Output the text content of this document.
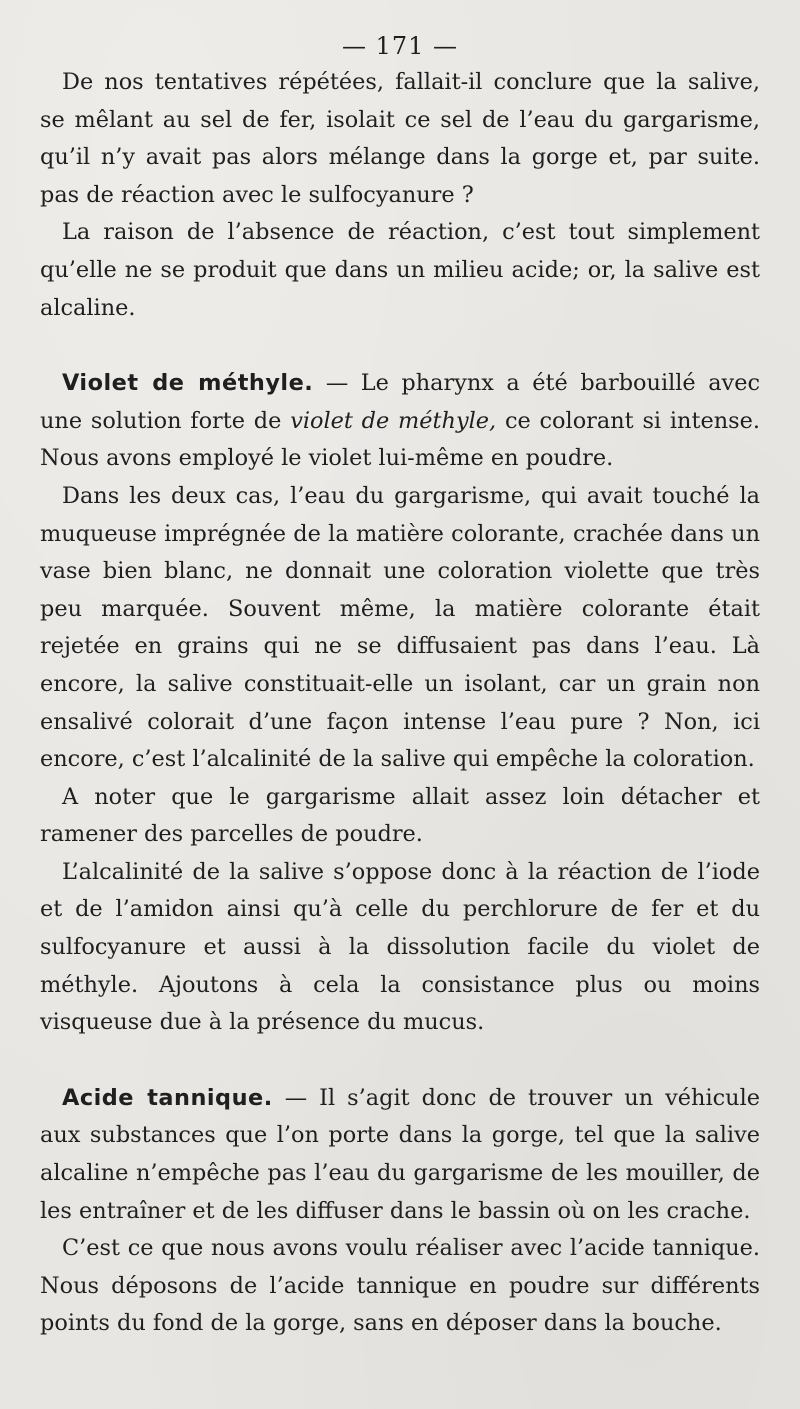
— 171 —

De nos tentatives répétées, fallait-il conclure que la salive, se mêlant au sel de fer, isolait ce sel de l’eau du gargarisme, qu’il n’y avait pas alors mélange dans la gorge et, par suite. pas de réaction avec le sulfocyanure ?

La raison de l’absence de réaction, c’est tout simplement qu’elle ne se produit que dans un milieu acide; or, la salive est alcaline.

Violet de méthyle. — Le pharynx a été barbouillé avec une solution forte de violet de méthyle, ce colorant si intense. Nous avons employé le violet lui-même en poudre.

Dans les deux cas, l’eau du gargarisme, qui avait touché la muqueuse imprégnée de la matière colorante, crachée dans un vase bien blanc, ne donnait une coloration violette que très peu marquée. Souvent même, la matière colorante était rejetée en grains qui ne se diffusaient pas dans l’eau. Là encore, la salive constituait-elle un isolant, car un grain non ensalivé colorait d’une façon intense l’eau pure ? Non, ici encore, c’est l’alcalinité de la salive qui empêche la coloration.

A noter que le gargarisme allait assez loin détacher et ramener des parcelles de poudre.

L’alcalinité de la salive s’oppose donc à la réaction de l’iode et de l’amidon ainsi qu’à celle du perchlorure de fer et du sulfocyanure et aussi à la dissolution facile du violet de méthyle. Ajoutons à cela la consistance plus ou moins visqueuse due à la présence du mucus.

Acide tannique. — Il s’agit donc de trouver un véhicule aux substances que l’on porte dans la gorge, tel que la salive alcaline n’empêche pas l’eau du gargarisme de les mouiller, de les entraîner et de les diffuser dans le bassin où on les crache.

C’est ce que nous avons voulu réaliser avec l’acide tannique. Nous déposons de l’acide tannique en poudre sur différents points du fond de la gorge, sans en déposer dans la bouche.
